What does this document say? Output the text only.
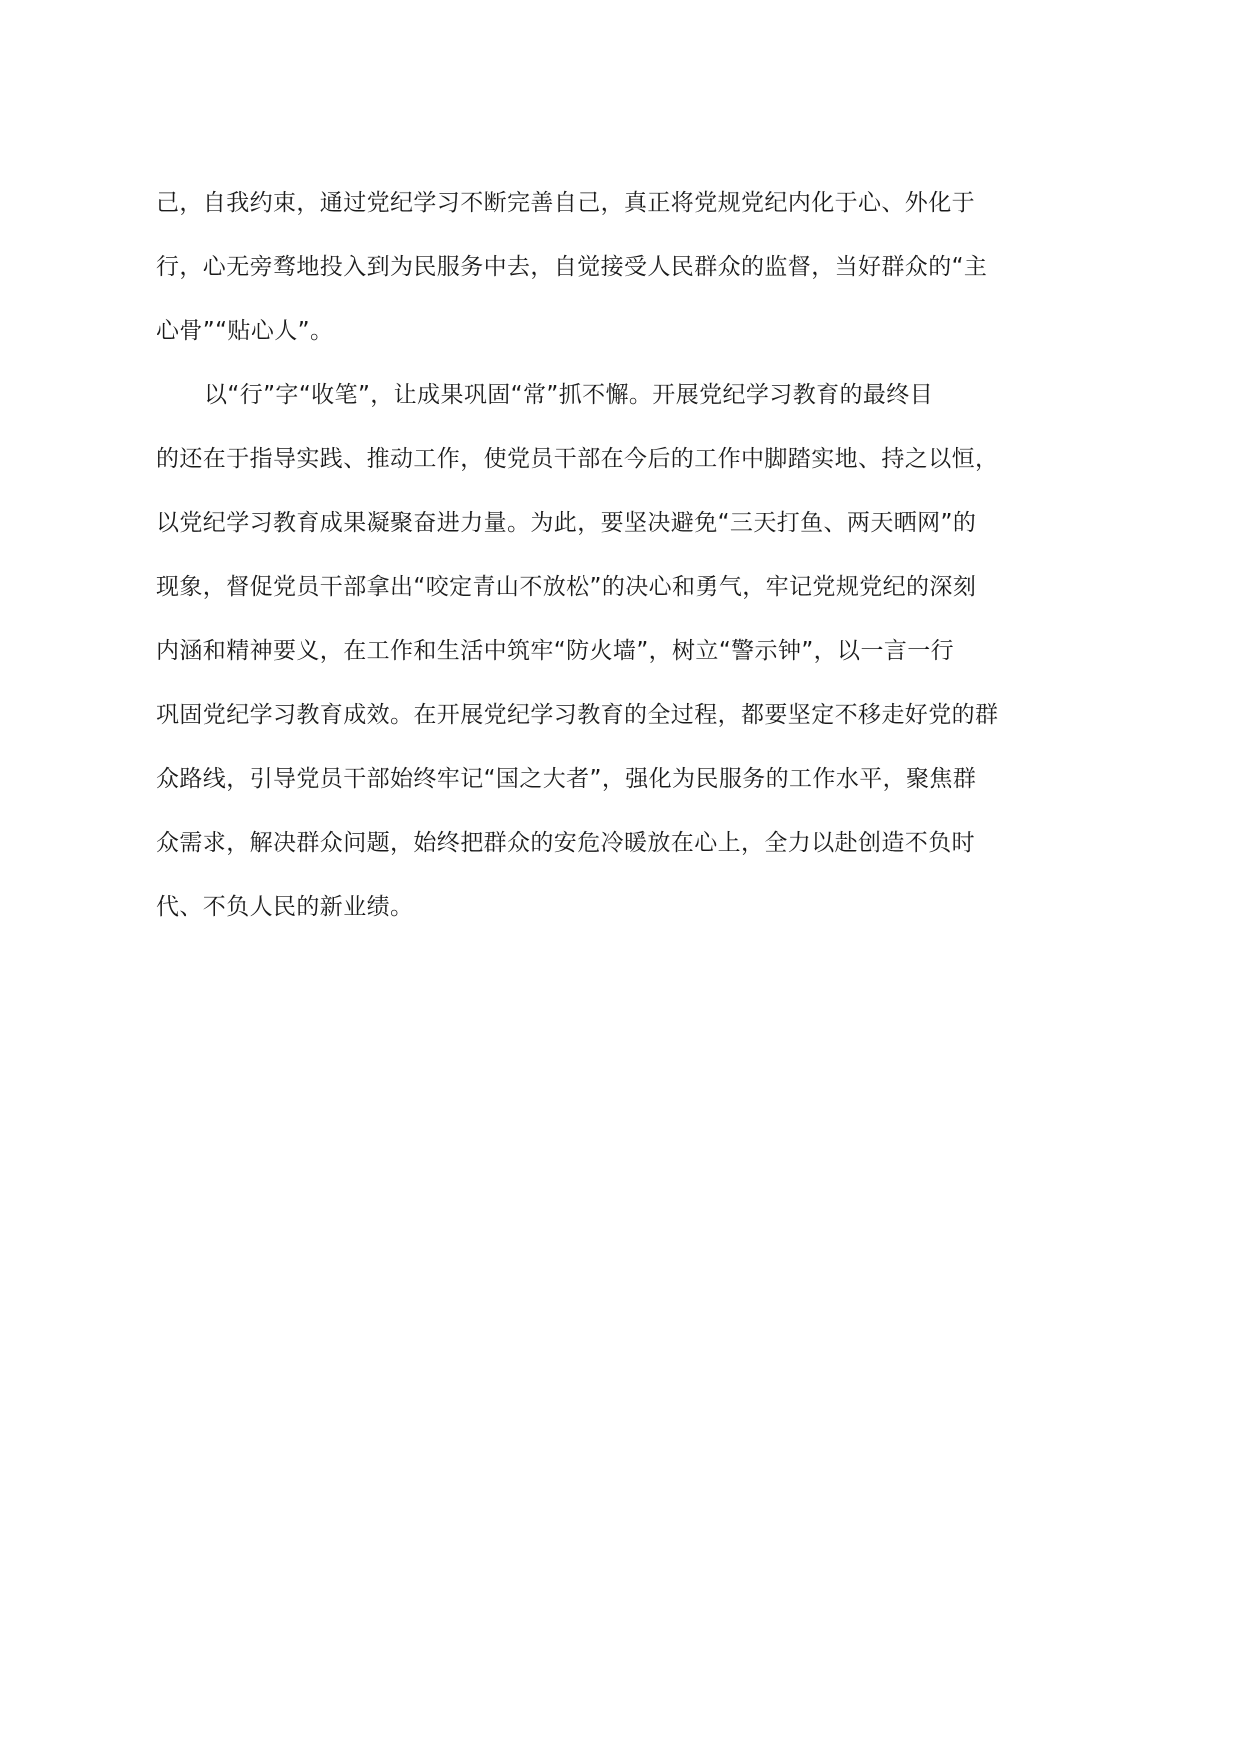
己，自我约束，通过党纪学习不断完善自己，真正将党规党纪内化于心、外化于
行，心无旁骛地投入到为民服务中去，自觉接受人民群众的监督，当好群众的“主
心骨”“贴心人”。
以“行”字“收笔”，让成果巩固“常”抓不懈。开展党纪学习教育的最终目
的还在于指导实践、推动工作，使党员干部在今后的工作中脚踏实地、持之以恒，
以党纪学习教育成果凝聚奋进力量。为此，要坚决避免“三天打鱼、两天晒网”的
现象，督促党员干部拿出“咬定青山不放松”的决心和勇气，牢记党规党纪的深刻
内涵和精神要义，在工作和生活中筑牢“防火墙”，树立“警示钟”，以一言一行
巩固党纪学习教育成效。在开展党纪学习教育的全过程，都要坚定不移走好党的群
众路线，引导党员干部始终牢记“国之大者”，强化为民服务的工作水平，聚焦群
众需求，解决群众问题，始终把群众的安危冷暖放在心上，全力以赴创造不负时
代、不负人民的新业绩。
